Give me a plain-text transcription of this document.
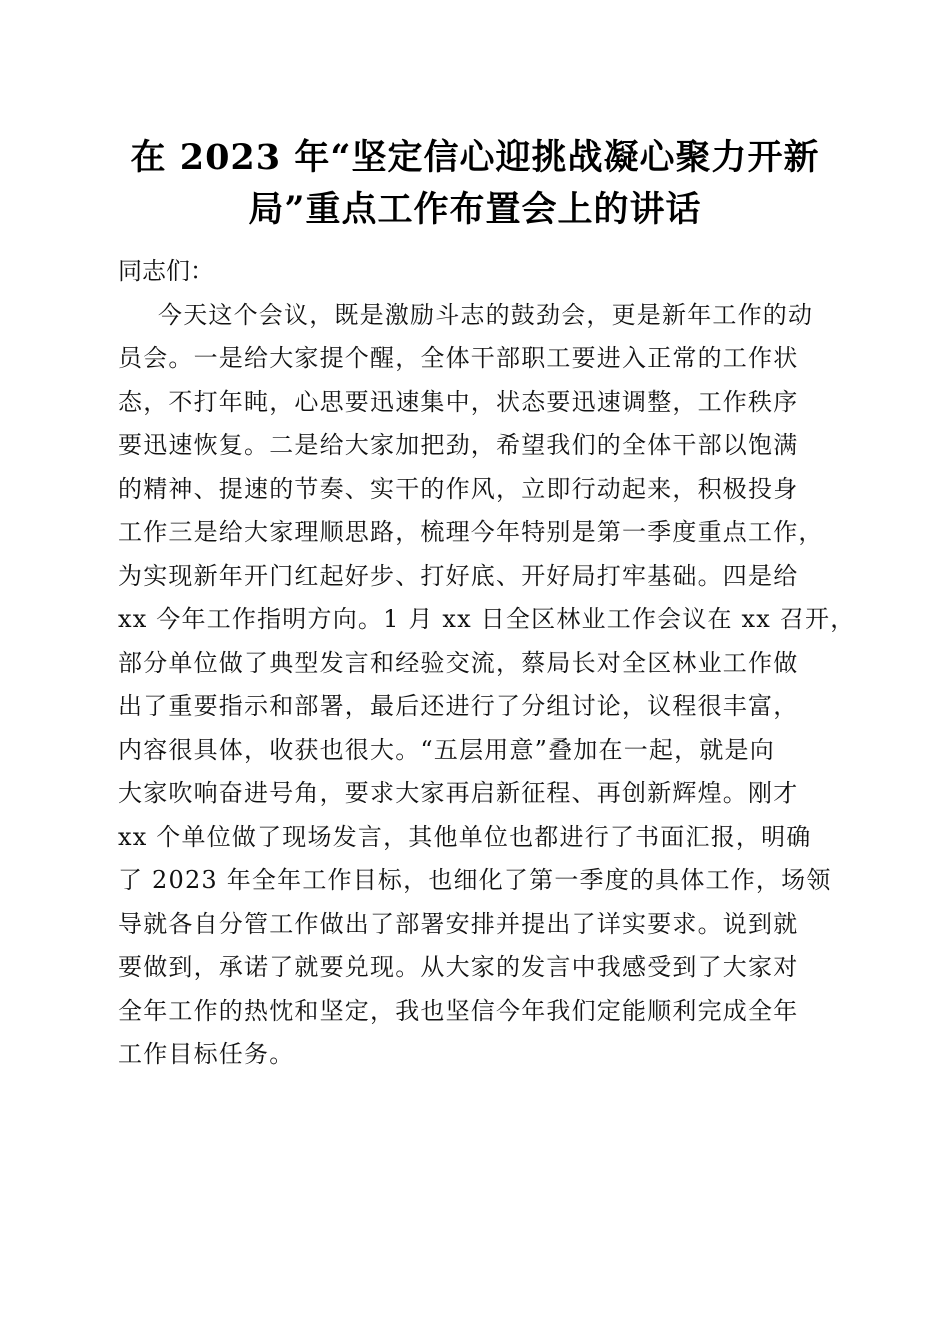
在 2023 年“坚定信心迎挑战凝心聚力开新
局”重点工作布置会上的讲话
同志们：
今天这个会议，既是激励斗志的鼓劲会，更是新年工作的动
员会。一是给大家提个醒，全体干部职工要进入正常的工作状
态，不打年盹，心思要迅速集中，状态要迅速调整，工作秩序
要迅速恢复。二是给大家加把劲，希望我们的全体干部以饱满
的精神、提速的节奏、实干的作风，立即行动起来，积极投身
工作三是给大家理顺思路，梳理今年特别是第一季度重点工作，
为实现新年开门红起好步、打好底、开好局打牢基础。四是给
xx 今年工作指明方向。1 月 xx 日全区林业工作会议在 xx 召开，
部分单位做了典型发言和经验交流，蔡局长对全区林业工作做
出了重要指示和部署，最后还进行了分组讨论，议程很丰富，
内容很具体，收获也很大。“五层用意”叠加在一起，就是向
大家吹响奋进号角，要求大家再启新征程、再创新辉煌。刚才
xx 个单位做了现场发言，其他单位也都进行了书面汇报，明确
了 2023 年全年工作目标，也细化了第一季度的具体工作，场领
导就各自分管工作做出了部署安排并提出了详实要求。说到就
要做到，承诺了就要兑现。从大家的发言中我感受到了大家对
全年工作的热忱和坚定，我也坚信今年我们定能顺利完成全年
工作目标任务。
